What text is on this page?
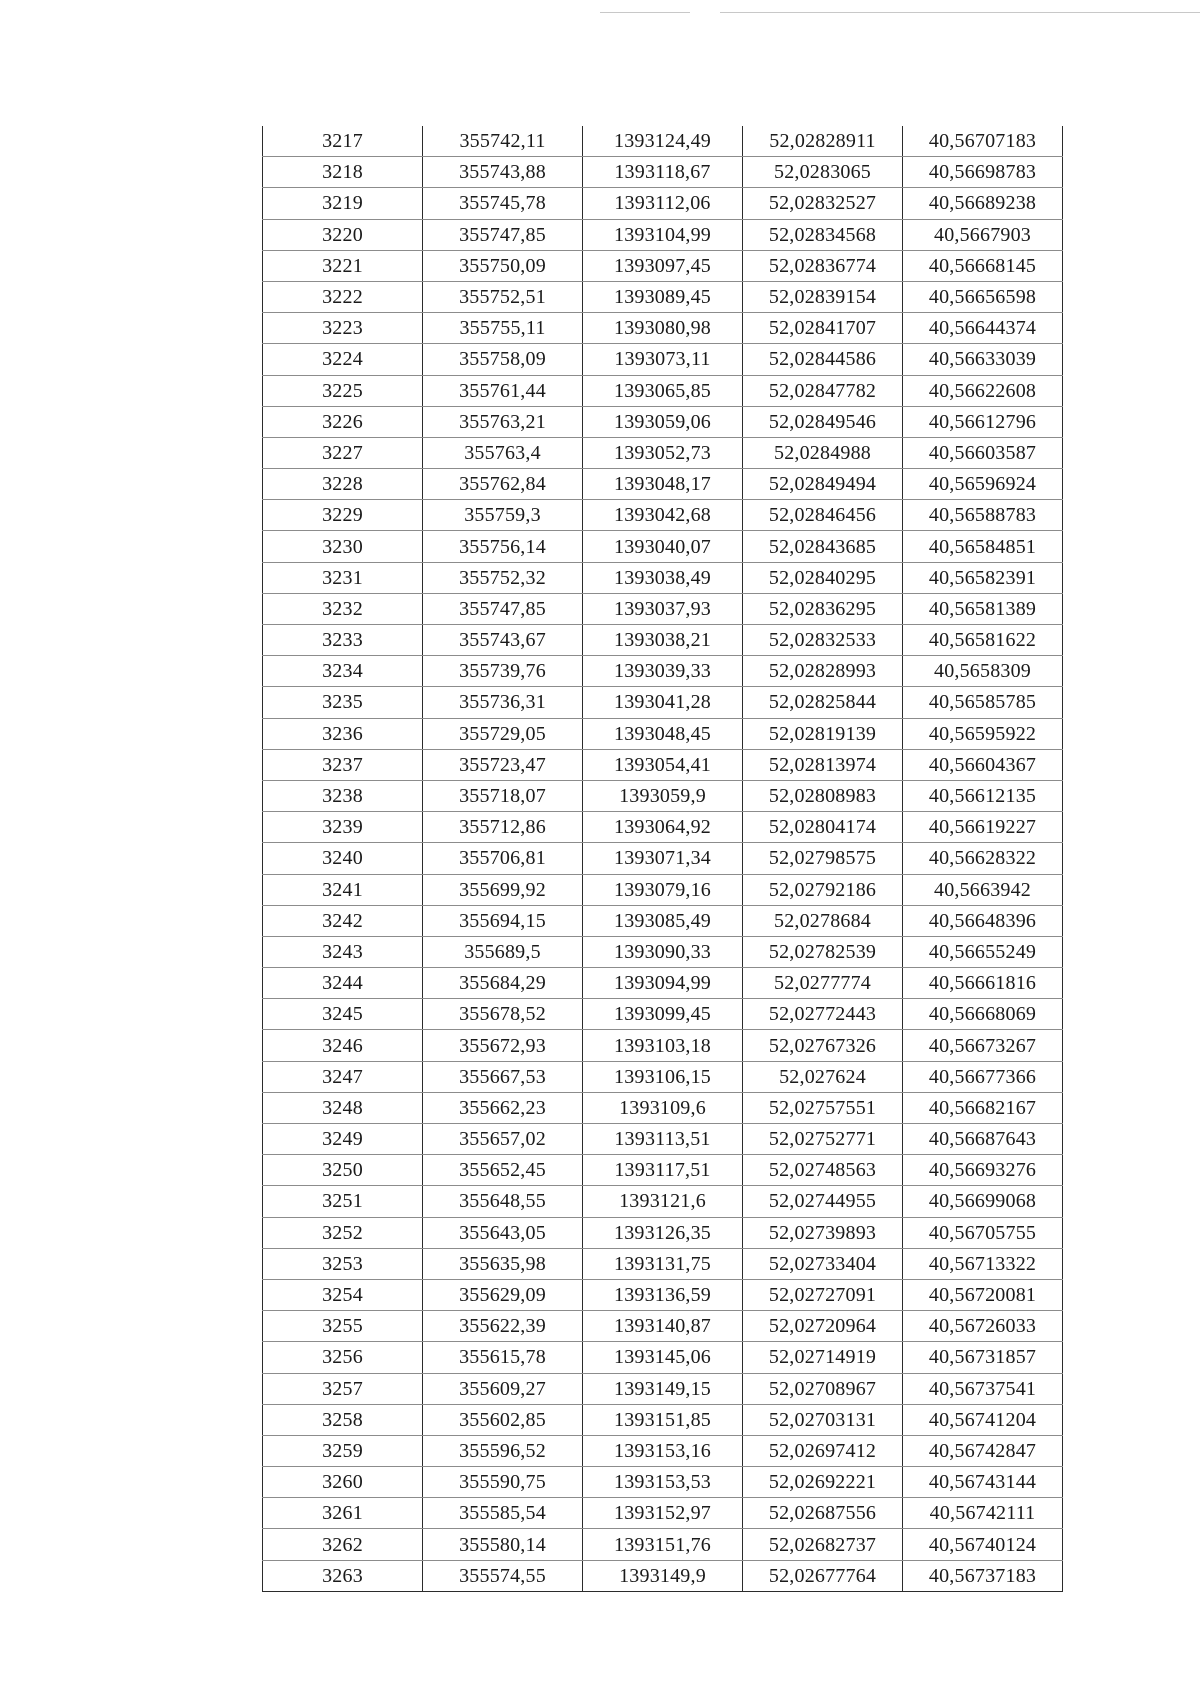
3217	355742,11	1393124,49	52,02828911	40,56707183
3218	355743,88	1393118,67	52,0283065	40,56698783
3219	355745,78	1393112,06	52,02832527	40,56689238
3220	355747,85	1393104,99	52,02834568	40,5667903
3221	355750,09	1393097,45	52,02836774	40,56668145
3222	355752,51	1393089,45	52,02839154	40,56656598
3223	355755,11	1393080,98	52,02841707	40,56644374
3224	355758,09	1393073,11	52,02844586	40,56633039
3225	355761,44	1393065,85	52,02847782	40,56622608
3226	355763,21	1393059,06	52,02849546	40,56612796
3227	355763,4	1393052,73	52,0284988	40,56603587
3228	355762,84	1393048,17	52,02849494	40,56596924
3229	355759,3	1393042,68	52,02846456	40,56588783
3230	355756,14	1393040,07	52,02843685	40,56584851
3231	355752,32	1393038,49	52,02840295	40,56582391
3232	355747,85	1393037,93	52,02836295	40,56581389
3233	355743,67	1393038,21	52,02832533	40,56581622
3234	355739,76	1393039,33	52,02828993	40,5658309
3235	355736,31	1393041,28	52,02825844	40,56585785
3236	355729,05	1393048,45	52,02819139	40,56595922
3237	355723,47	1393054,41	52,02813974	40,56604367
3238	355718,07	1393059,9	52,02808983	40,56612135
3239	355712,86	1393064,92	52,02804174	40,56619227
3240	355706,81	1393071,34	52,02798575	40,56628322
3241	355699,92	1393079,16	52,02792186	40,5663942
3242	355694,15	1393085,49	52,0278684	40,56648396
3243	355689,5	1393090,33	52,02782539	40,56655249
3244	355684,29	1393094,99	52,0277774	40,56661816
3245	355678,52	1393099,45	52,02772443	40,56668069
3246	355672,93	1393103,18	52,02767326	40,56673267
3247	355667,53	1393106,15	52,027624	40,56677366
3248	355662,23	1393109,6	52,02757551	40,56682167
3249	355657,02	1393113,51	52,02752771	40,56687643
3250	355652,45	1393117,51	52,02748563	40,56693276
3251	355648,55	1393121,6	52,02744955	40,56699068
3252	355643,05	1393126,35	52,02739893	40,56705755
3253	355635,98	1393131,75	52,02733404	40,56713322
3254	355629,09	1393136,59	52,02727091	40,56720081
3255	355622,39	1393140,87	52,02720964	40,56726033
3256	355615,78	1393145,06	52,02714919	40,56731857
3257	355609,27	1393149,15	52,02708967	40,56737541
3258	355602,85	1393151,85	52,02703131	40,56741204
3259	355596,52	1393153,16	52,02697412	40,56742847
3260	355590,75	1393153,53	52,02692221	40,56743144
3261	355585,54	1393152,97	52,02687556	40,56742111
3262	355580,14	1393151,76	52,02682737	40,56740124
3263	355574,55	1393149,9	52,02677764	40,56737183
